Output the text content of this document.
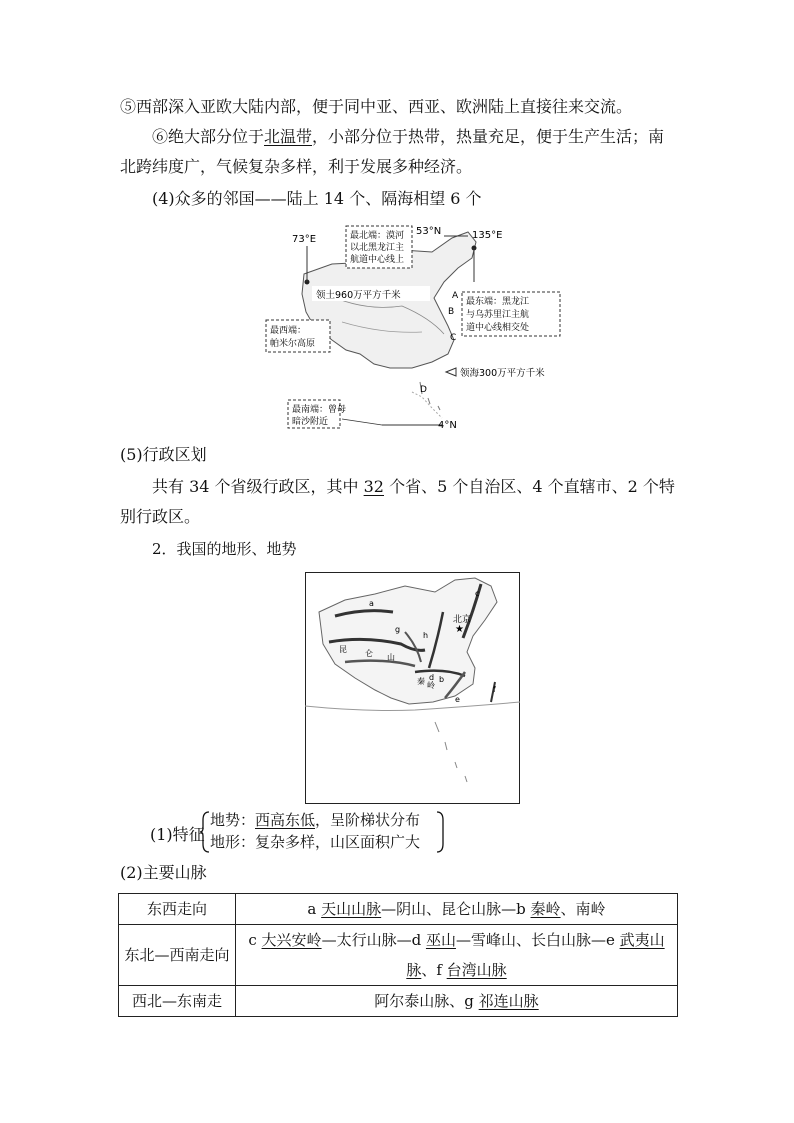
⑤西部深入亚欧大陆内部，便于同中亚、西亚、欧洲陆上直接往来交流。
⑥绝大部分位于北温带，小部分位于热带，热量充足，便于生产生活；南北跨纬度广，气候复杂多样，利于发展多种经济。
(4)众多的邻国——陆上 14 个、隔海相望 6 个
73°E
53°N	135°E
4°N
最北端：漠河
以北黑龙江主
航道中心线上
领土960万平方千米
最西端：
帕米尔高原
最东端：黑龙江
与乌苏里江主航
道中心线相交处
领海300万平方千米
最南端：曾母
暗沙附近
A
B
C
D
(5)行政区划
共有 34 个省级行政区，其中 32 个省、5 个自治区、4 个直辖市、2 个特别行政区。
2．我国的地形、地势
★
北京
a
b
c
d
e
f
g
h
昆 仑 山
秦 岭
(1)特征
地势：西高东低，呈阶梯状分布
地形：复杂多样，山区面积广大
(2)主要山脉
东西走向	a 天山山脉—阴山、昆仑山脉—b 秦岭、南岭
东北—西南走向	c 大兴安岭—太行山脉—d 巫山—雪峰山、长白山脉—e 武夷山脉、f 台湾山脉
西北—东南走	阿尔泰山脉、g 祁连山脉
